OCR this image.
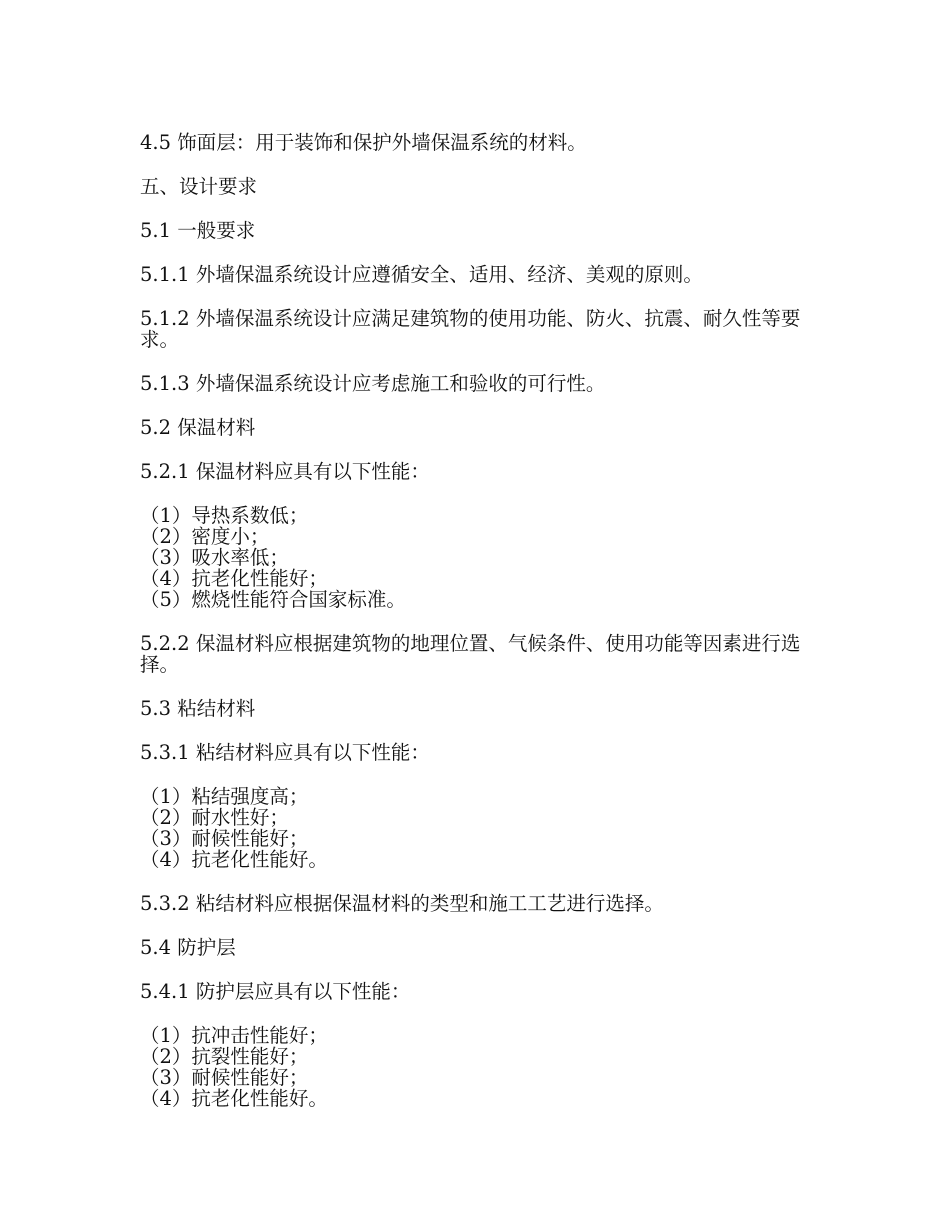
4.5 饰面层：用于装饰和保护外墙保温系统的材料。

五、设计要求

5.1 一般要求

5.1.1 外墙保温系统设计应遵循安全、适用、经济、美观的原则。

5.1.2 外墙保温系统设计应满足建筑物的使用功能、防火、抗震、耐久性等要求。

5.1.3 外墙保温系统设计应考虑施工和验收的可行性。

5.2 保温材料

5.2.1 保温材料应具有以下性能：

（1）导热系数低；
（2）密度小；
（3）吸水率低；
（4）抗老化性能好；
（5）燃烧性能符合国家标准。

5.2.2 保温材料应根据建筑物的地理位置、气候条件、使用功能等因素进行选择。

5.3 粘结材料

5.3.1 粘结材料应具有以下性能：

（1）粘结强度高；
（2）耐水性好；
（3）耐候性能好；
（4）抗老化性能好。

5.3.2 粘结材料应根据保温材料的类型和施工工艺进行选择。

5.4 防护层

5.4.1 防护层应具有以下性能：

（1）抗冲击性能好；
（2）抗裂性能好；
（3）耐候性能好；
（4）抗老化性能好。
